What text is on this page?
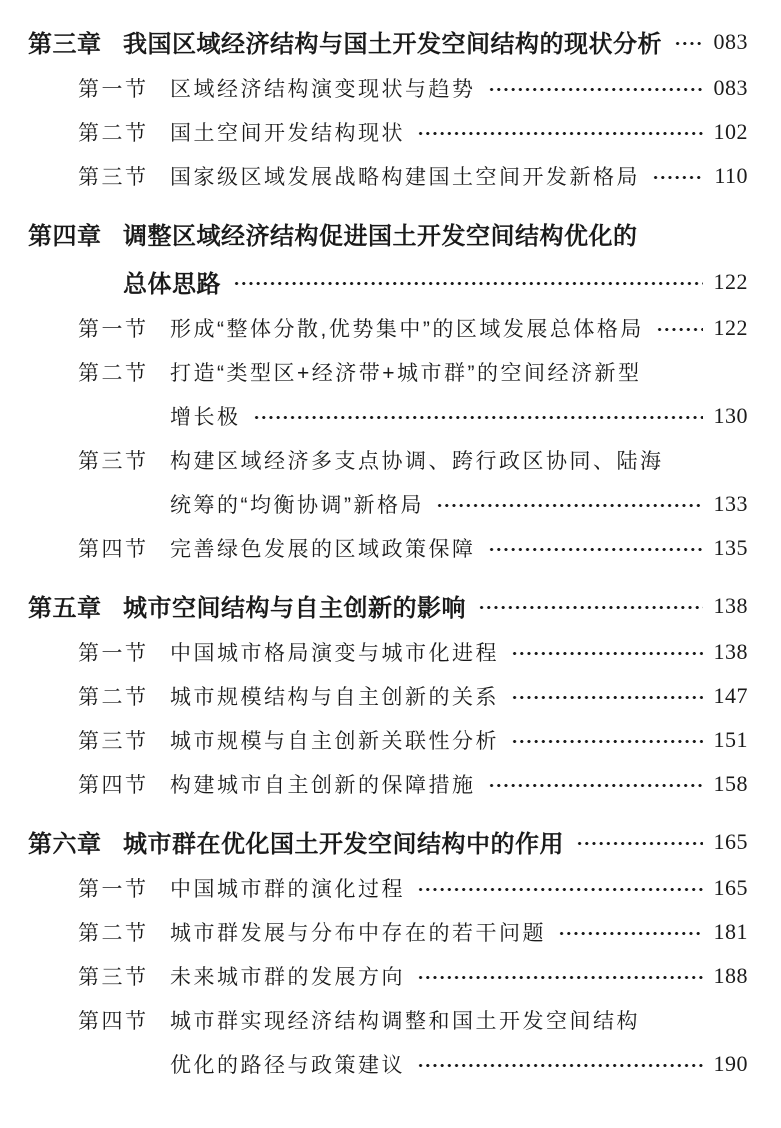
第三章 我国区域经济结构与国土开发空间结构的现状分析 083
第一节	区域经济结构演变现状与趋势	083
第二节	国土空间开发结构现状	102
第三节	国家级区域发展战略构建国土空间开发新格局	110
第四章 调整区域经济结构促进国土开发空间结构优化的
总体思路	122
第一节	形成“整体分散,优势集中”的区域发展总体格局	122
第二节	打造“类型区+经济带+城市群”的空间经济新型
增长极	130
第三节	构建区域经济多支点协调、跨行政区协同、陆海
统筹的“均衡协调”新格局	133
第四节	完善绿色发展的区域政策保障	135
第五章 城市空间结构与自主创新的影响	138
第一节	中国城市格局演变与城市化进程	138
第二节	城市规模结构与自主创新的关系	147
第三节	城市规模与自主创新关联性分析	151
第四节	构建城市自主创新的保障措施	158
第六章 城市群在优化国土开发空间结构中的作用	165
第一节	中国城市群的演化过程	165
第二节	城市群发展与分布中存在的若干问题	181
第三节	未来城市群的发展方向	188
第四节	城市群实现经济结构调整和国土开发空间结构
优化的路径与政策建议	190
